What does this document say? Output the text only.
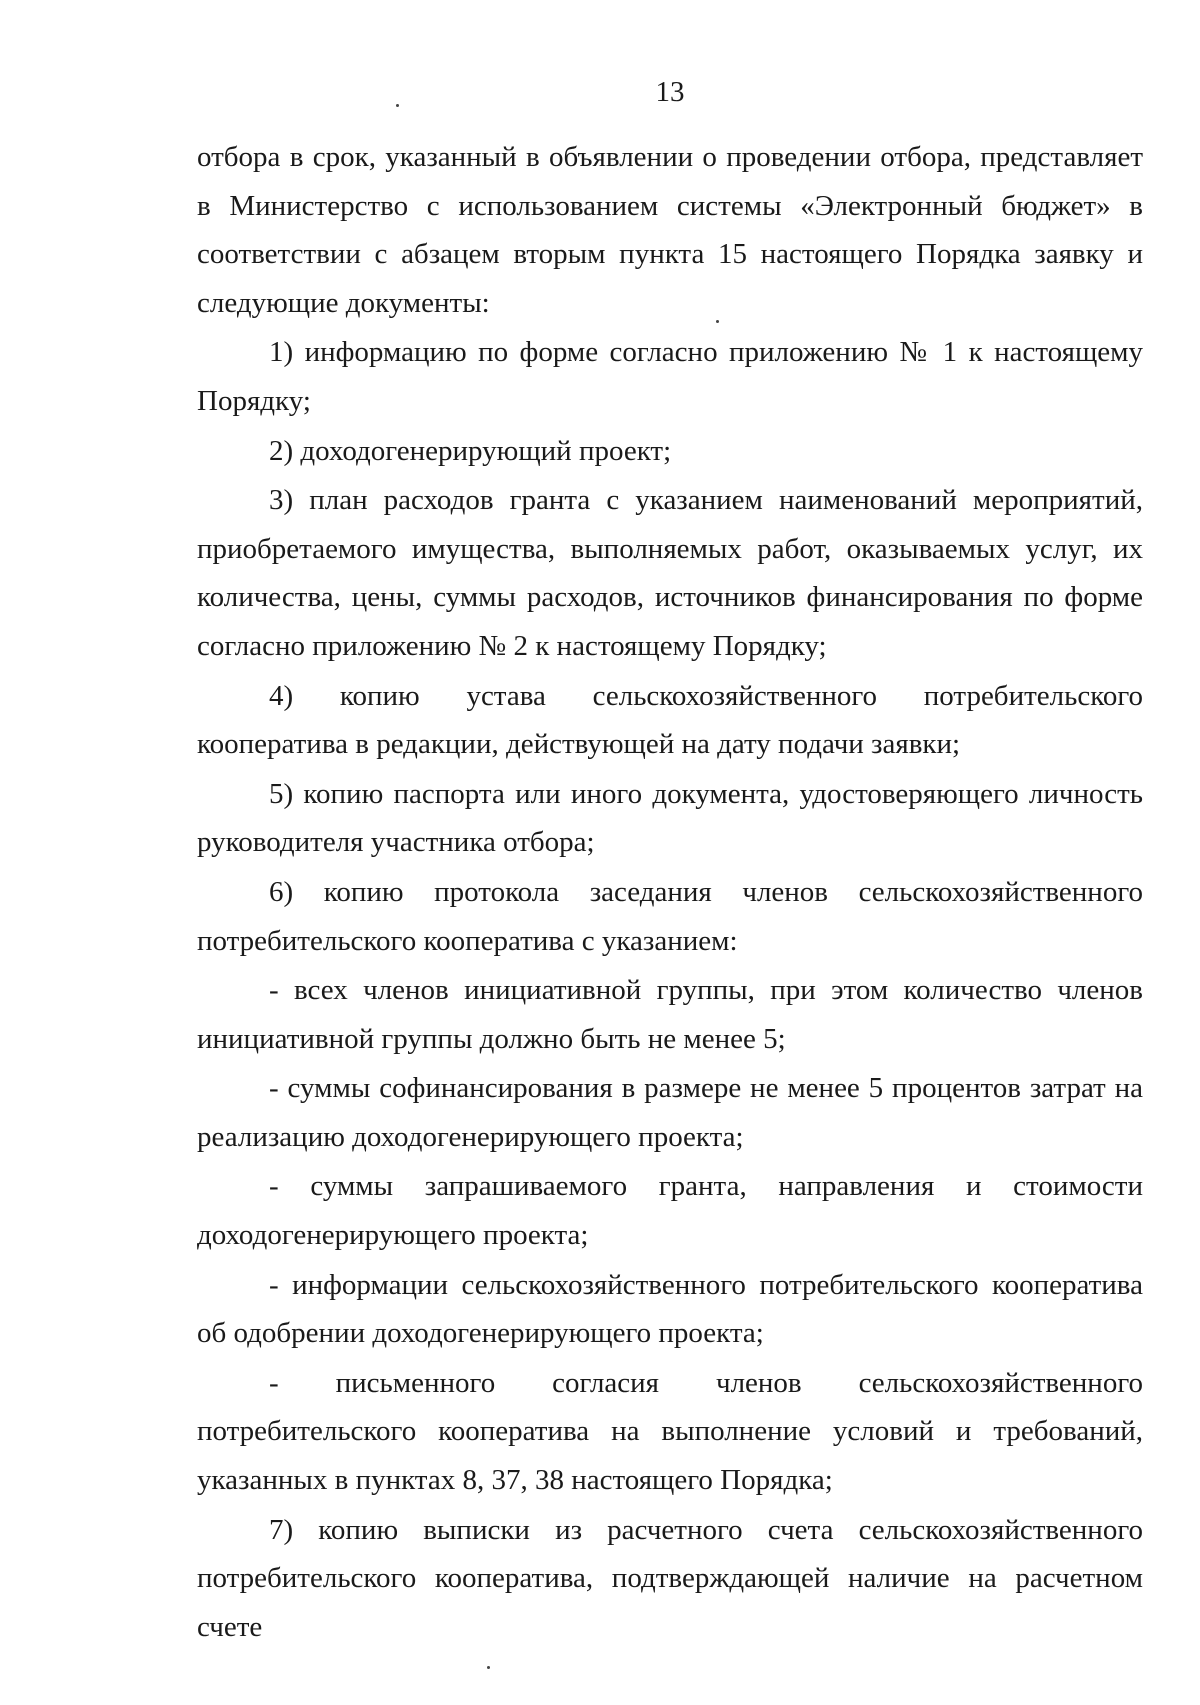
13

отбора в срок, указанный в объявлении о проведении отбора, представляет в Министерство с использованием системы «Электронный бюджет» в соответствии с абзацем вторым пункта 15 настоящего Порядка заявку и следующие документы:

1) информацию по форме согласно приложению № 1 к настоящему Порядку;

2) доходогенерирующий проект;

3) план расходов гранта с указанием наименований мероприятий, приобретаемого имущества, выполняемых работ, оказываемых услуг, их количества, цены, суммы расходов, источников финансирования по форме согласно приложению № 2 к настоящему Порядку;

4) копию устава сельскохозяйственного потребительского кооператива в редакции, действующей на дату подачи заявки;

5) копию паспорта или иного документа, удостоверяющего личность руководителя участника отбора;

6) копию протокола заседания членов сельскохозяйственного потребительского кооператива с указанием:

- всех членов инициативной группы, при этом количество членов инициативной группы должно быть не менее 5;

- суммы софинансирования в размере не менее 5 процентов затрат на реализацию доходогенерирующего проекта;

- суммы запрашиваемого гранта, направления и стоимости доходогенерирующего проекта;

- информации сельскохозяйственного потребительского кооператива об одобрении доходогенерирующего проекта;

- письменного согласия членов сельскохозяйственного потребительского кооператива на выполнение условий и требований, указанных в пунктах 8, 37, 38 настоящего Порядка;

7) копию выписки из расчетного счета сельскохозяйственного потребительского кооператива, подтверждающей наличие на расчетном счете
